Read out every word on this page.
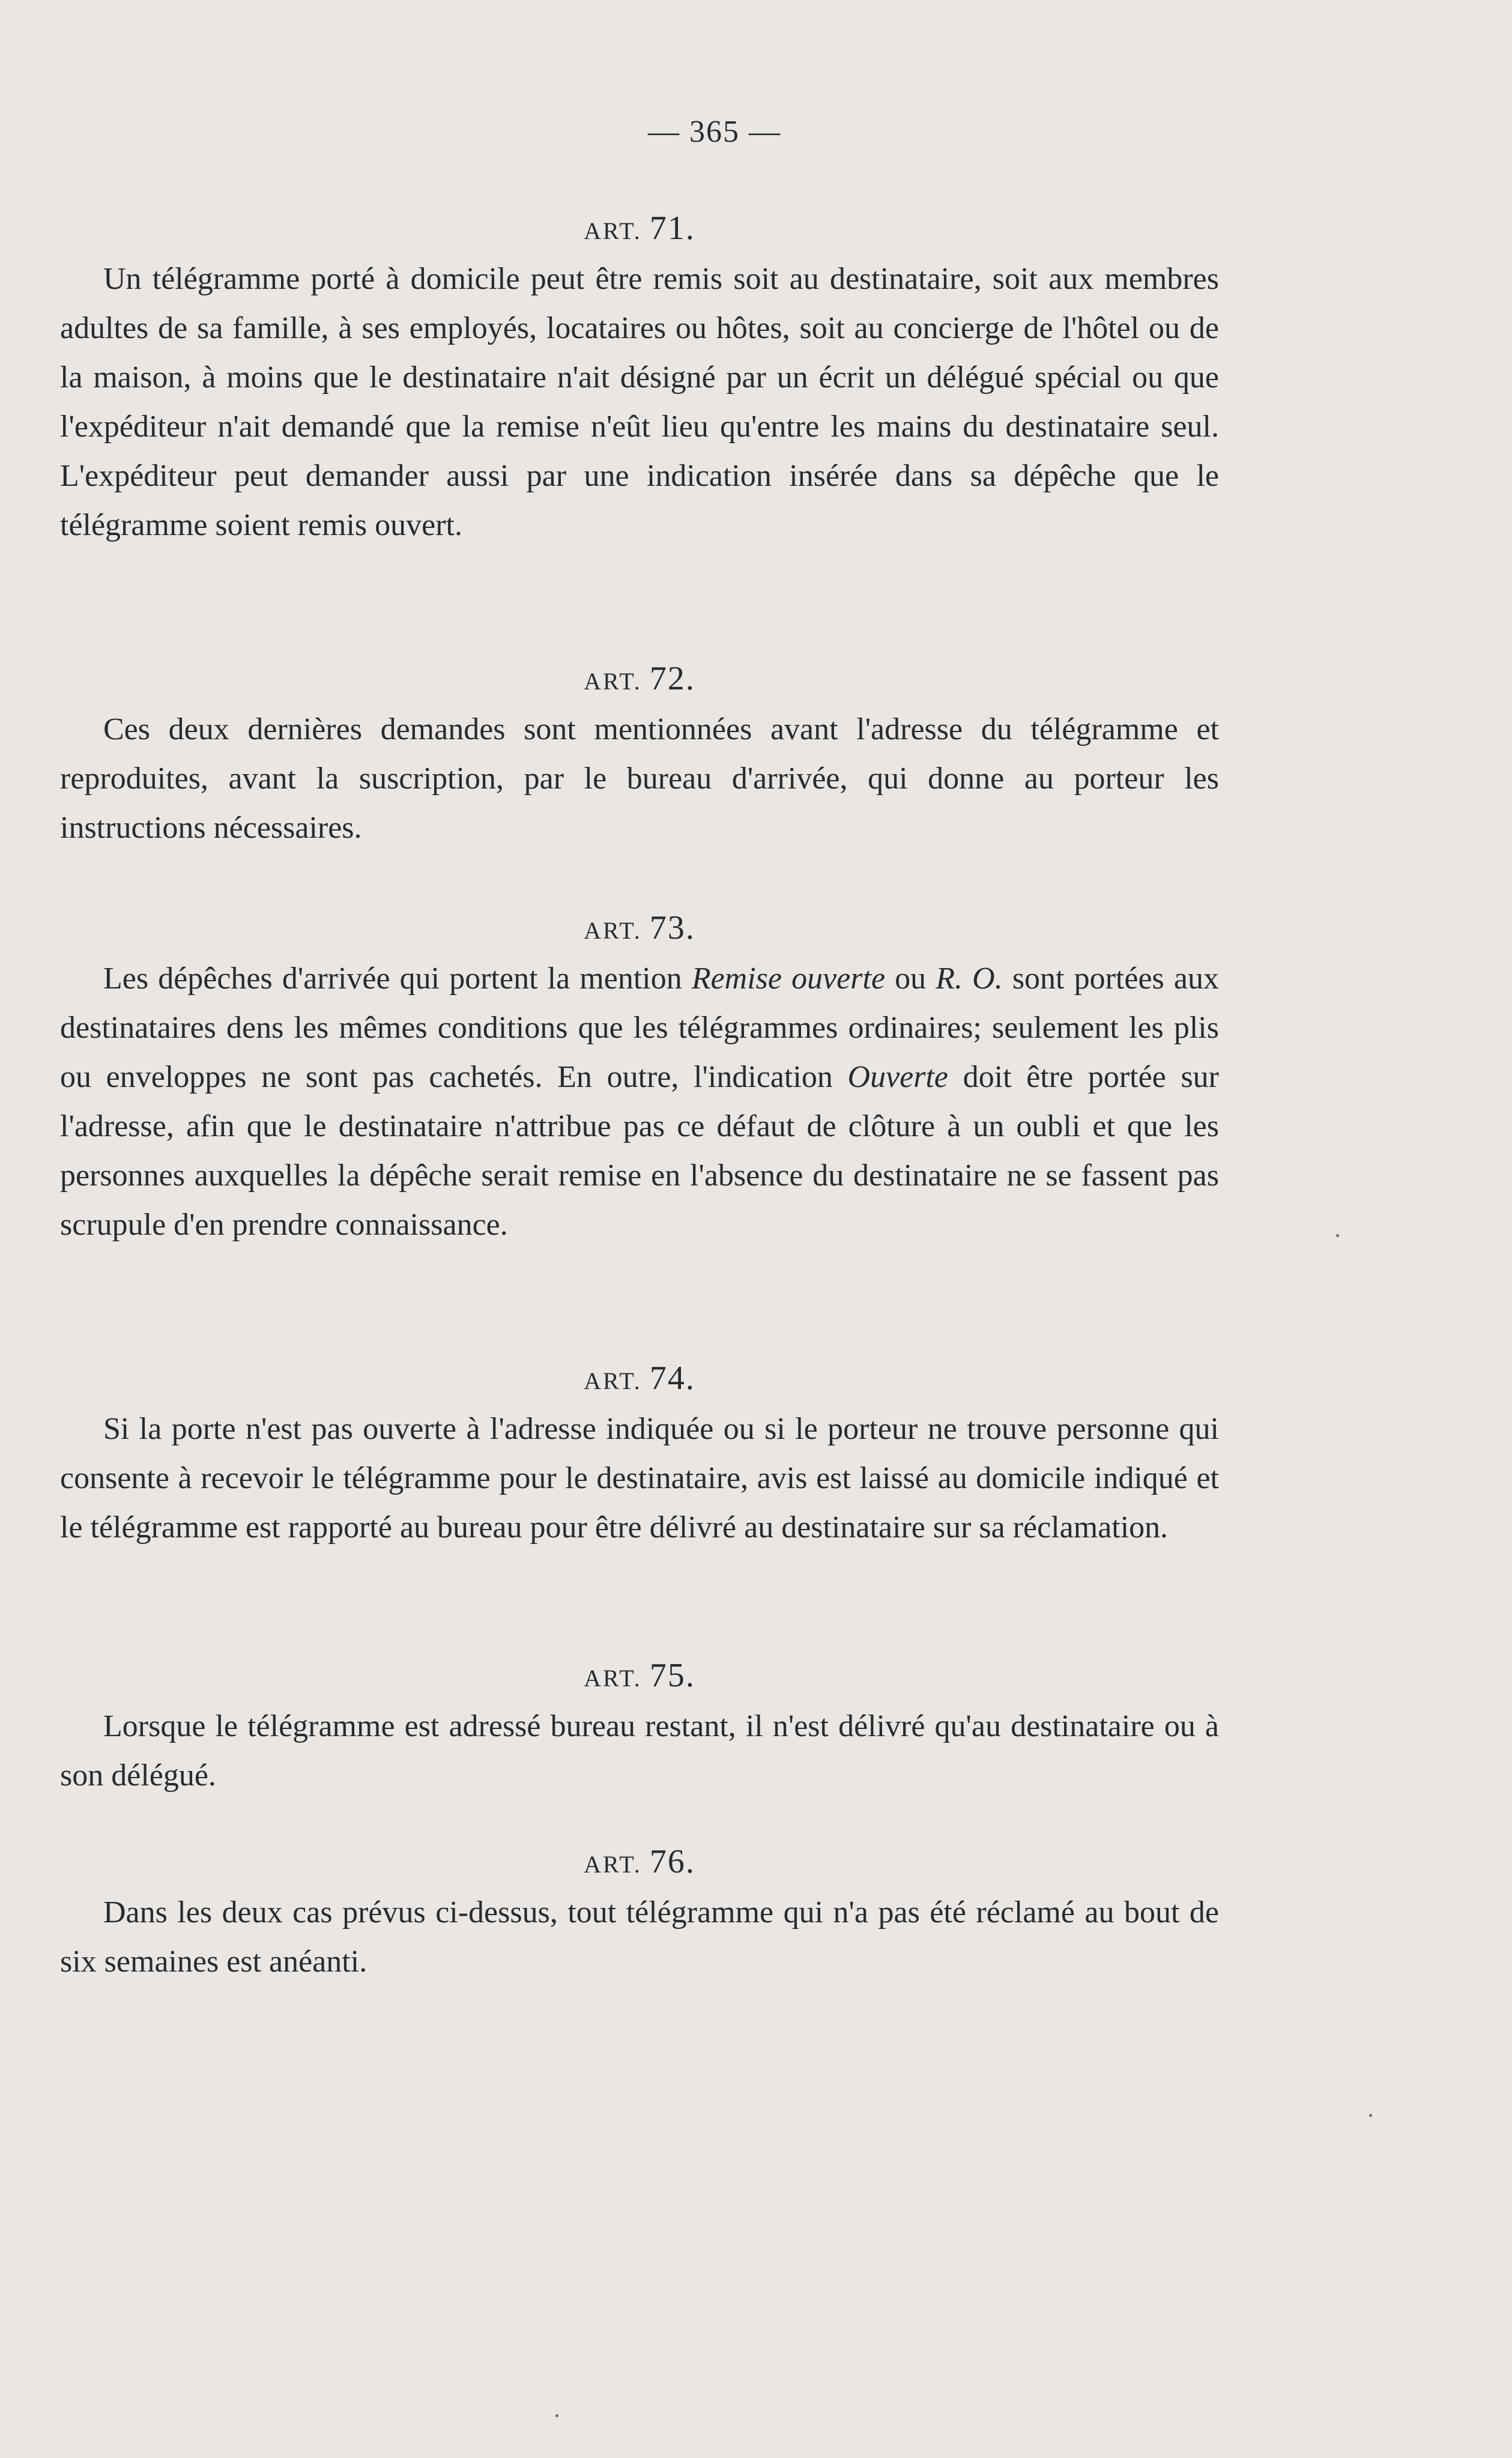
— 365 —
ART. 71.

Un télégramme porté à domicile peut être remis soit au destinataire, soit aux membres adultes de sa famille, à ses employés, locataires ou hôtes, soit au concierge de l'hôtel ou de la maison, à moins que le destinataire n'ait désigné par un écrit un délégué spécial ou que l'expéditeur n'ait demandé que la remise n'eût lieu qu'entre les mains du destinataire seul. L'expéditeur peut demander aussi par une indication insérée dans sa dépêche que le télégramme soient remis ouvert.

ART. 72.

Ces deux dernières demandes sont mentionnées avant l'adresse du télégramme et reproduites, avant la suscription, par le bureau d'arrivée, qui donne au porteur les instructions nécessaires.

ART. 73.

Les dépêches d'arrivée qui portent la mention Remise ouverte ou R. O. sont portées aux destinataires dens les mêmes conditions que les télégrammes ordinaires; seulement les plis ou enveloppes ne sont pas cachetés. En outre, l'indication Ouverte doit être portée sur l'adresse, afin que le destinataire n'attribue pas ce défaut de clôture à un oubli et que les personnes auxquelles la dépêche serait remise en l'absence du destinataire ne se fassent pas scrupule d'en prendre connaissance.

ART. 74.

Si la porte n'est pas ouverte à l'adresse indiquée ou si le porteur ne trouve personne qui consente à recevoir le télégramme pour le destinataire, avis est laissé au domicile indiqué et le télégramme est rapporté au bureau pour être délivré au destinataire sur sa réclamation.

ART. 75.

Lorsque le télégramme est adressé bureau restant, il n'est délivré qu'au destinataire ou à son délégué.

ART. 76.

Dans les deux cas prévus ci-dessus, tout télégramme qui n'a pas été réclamé au bout de six semaines est anéanti.
